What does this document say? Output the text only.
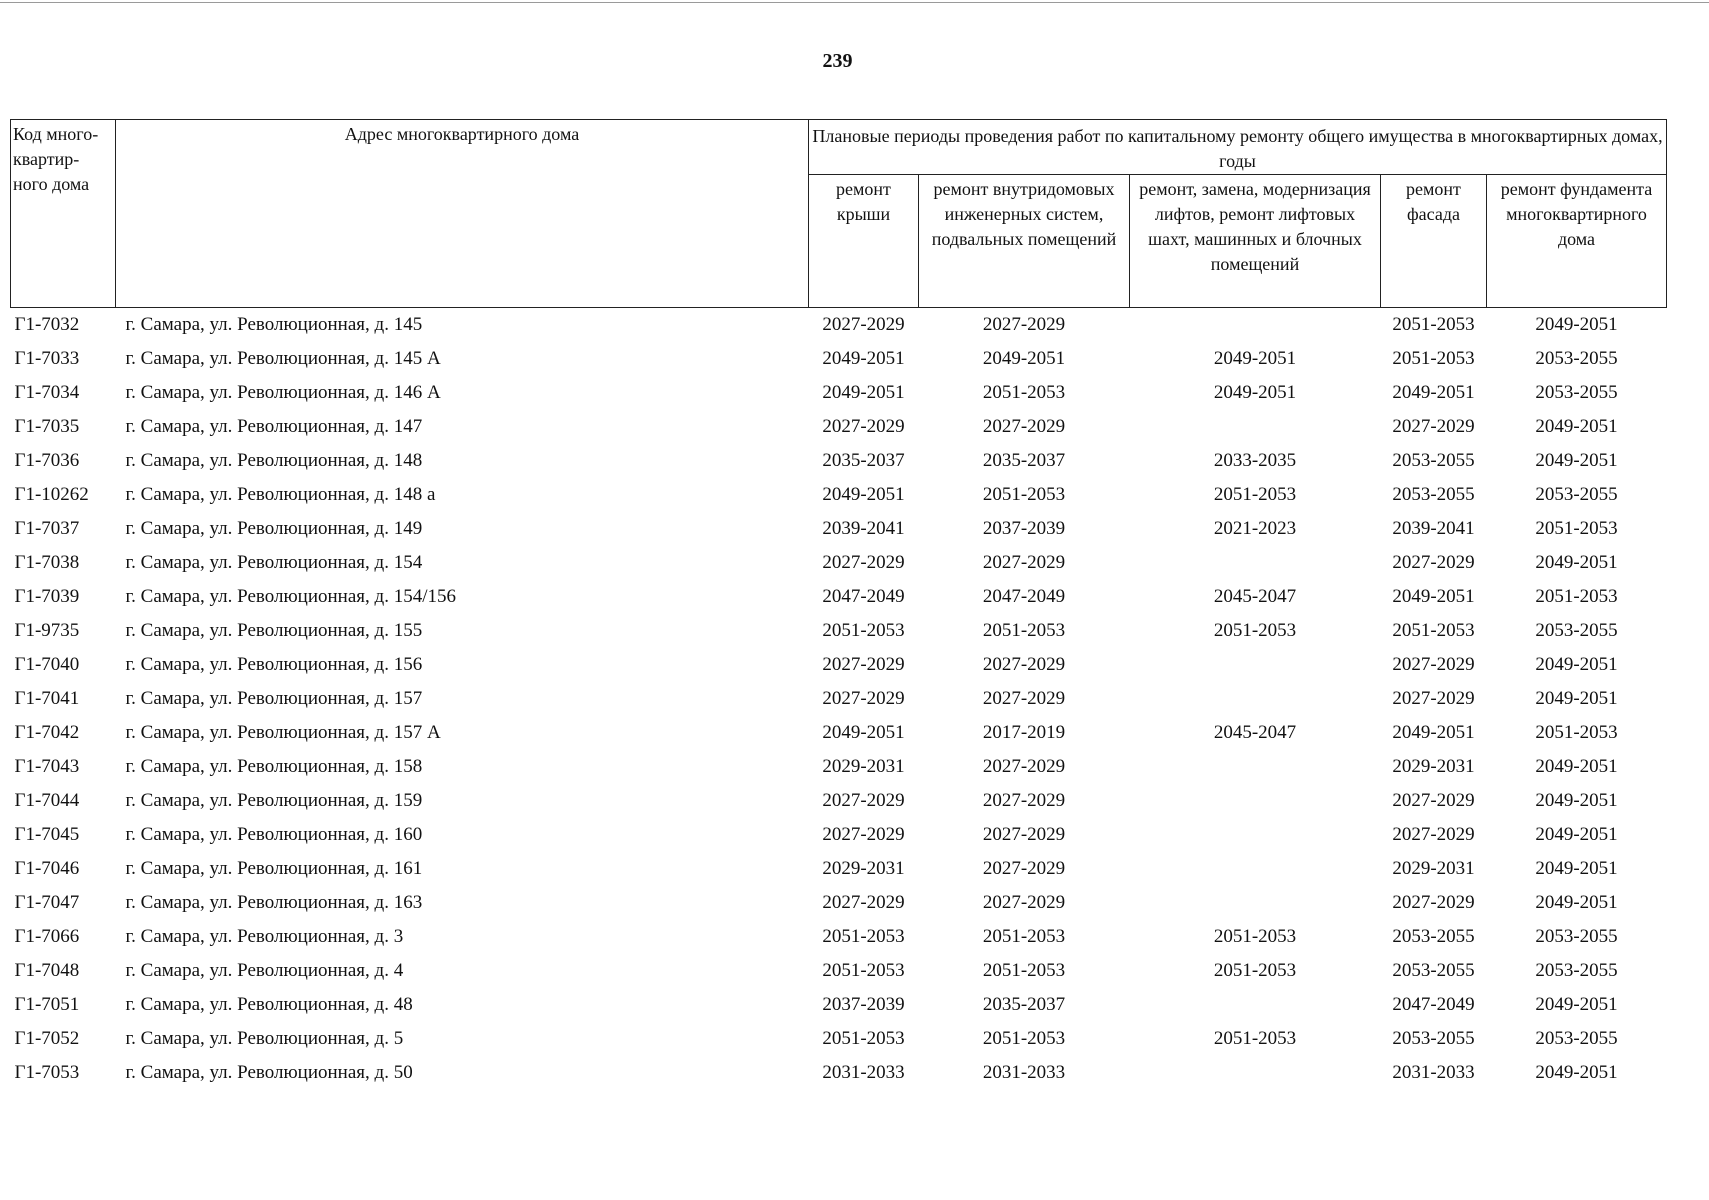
239
Код много-квартир-ного дома	Адрес многоквартирного дома	Плановые периоды проведения работ по капитальному ремонту общего имущества в многоквартирных домах, годы				
		ремонт крыши	ремонт внутридомовых инженерных систем, подвальных помещений	ремонт, замена, модернизация лифтов, ремонт лифтовых шахт, машинных и блочных помещений	ремонт фасада	ремонт фундамента многоквартирного дома
Г1-7032	г. Самара, ул. Революционная, д. 145	2027-2029	2027-2029		2051-2053	2049-2051
Г1-7033	г. Самара, ул. Революционная, д. 145 А	2049-2051	2049-2051	2049-2051	2051-2053	2053-2055
Г1-7034	г. Самара, ул. Революционная, д. 146 А	2049-2051	2051-2053	2049-2051	2049-2051	2053-2055
Г1-7035	г. Самара, ул. Революционная, д. 147	2027-2029	2027-2029		2027-2029	2049-2051
Г1-7036	г. Самара, ул. Революционная, д. 148	2035-2037	2035-2037	2033-2035	2053-2055	2049-2051
Г1-10262	г. Самара, ул. Революционная, д. 148 а	2049-2051	2051-2053	2051-2053	2053-2055	2053-2055
Г1-7037	г. Самара, ул. Революционная, д. 149	2039-2041	2037-2039	2021-2023	2039-2041	2051-2053
Г1-7038	г. Самара, ул. Революционная, д. 154	2027-2029	2027-2029		2027-2029	2049-2051
Г1-7039	г. Самара, ул. Революционная, д. 154/156	2047-2049	2047-2049	2045-2047	2049-2051	2051-2053
Г1-9735	г. Самара, ул. Революционная, д. 155	2051-2053	2051-2053	2051-2053	2051-2053	2053-2055
Г1-7040	г. Самара, ул. Революционная, д. 156	2027-2029	2027-2029		2027-2029	2049-2051
Г1-7041	г. Самара, ул. Революционная, д. 157	2027-2029	2027-2029		2027-2029	2049-2051
Г1-7042	г. Самара, ул. Революционная, д. 157 А	2049-2051	2017-2019	2045-2047	2049-2051	2051-2053
Г1-7043	г. Самара, ул. Революционная, д. 158	2029-2031	2027-2029		2029-2031	2049-2051
Г1-7044	г. Самара, ул. Революционная, д. 159	2027-2029	2027-2029		2027-2029	2049-2051
Г1-7045	г. Самара, ул. Революционная, д. 160	2027-2029	2027-2029		2027-2029	2049-2051
Г1-7046	г. Самара, ул. Революционная, д. 161	2029-2031	2027-2029		2029-2031	2049-2051
Г1-7047	г. Самара, ул. Революционная, д. 163	2027-2029	2027-2029		2027-2029	2049-2051
Г1-7066	г. Самара, ул. Революционная, д. 3	2051-2053	2051-2053	2051-2053	2053-2055	2053-2055
Г1-7048	г. Самара, ул. Революционная, д. 4	2051-2053	2051-2053	2051-2053	2053-2055	2053-2055
Г1-7051	г. Самара, ул. Революционная, д. 48	2037-2039	2035-2037		2047-2049	2049-2051
Г1-7052	г. Самара, ул. Революционная, д. 5	2051-2053	2051-2053	2051-2053	2053-2055	2053-2055
Г1-7053	г. Самара, ул. Революционная, д. 50	2031-2033	2031-2033		2031-2033	2049-2051
